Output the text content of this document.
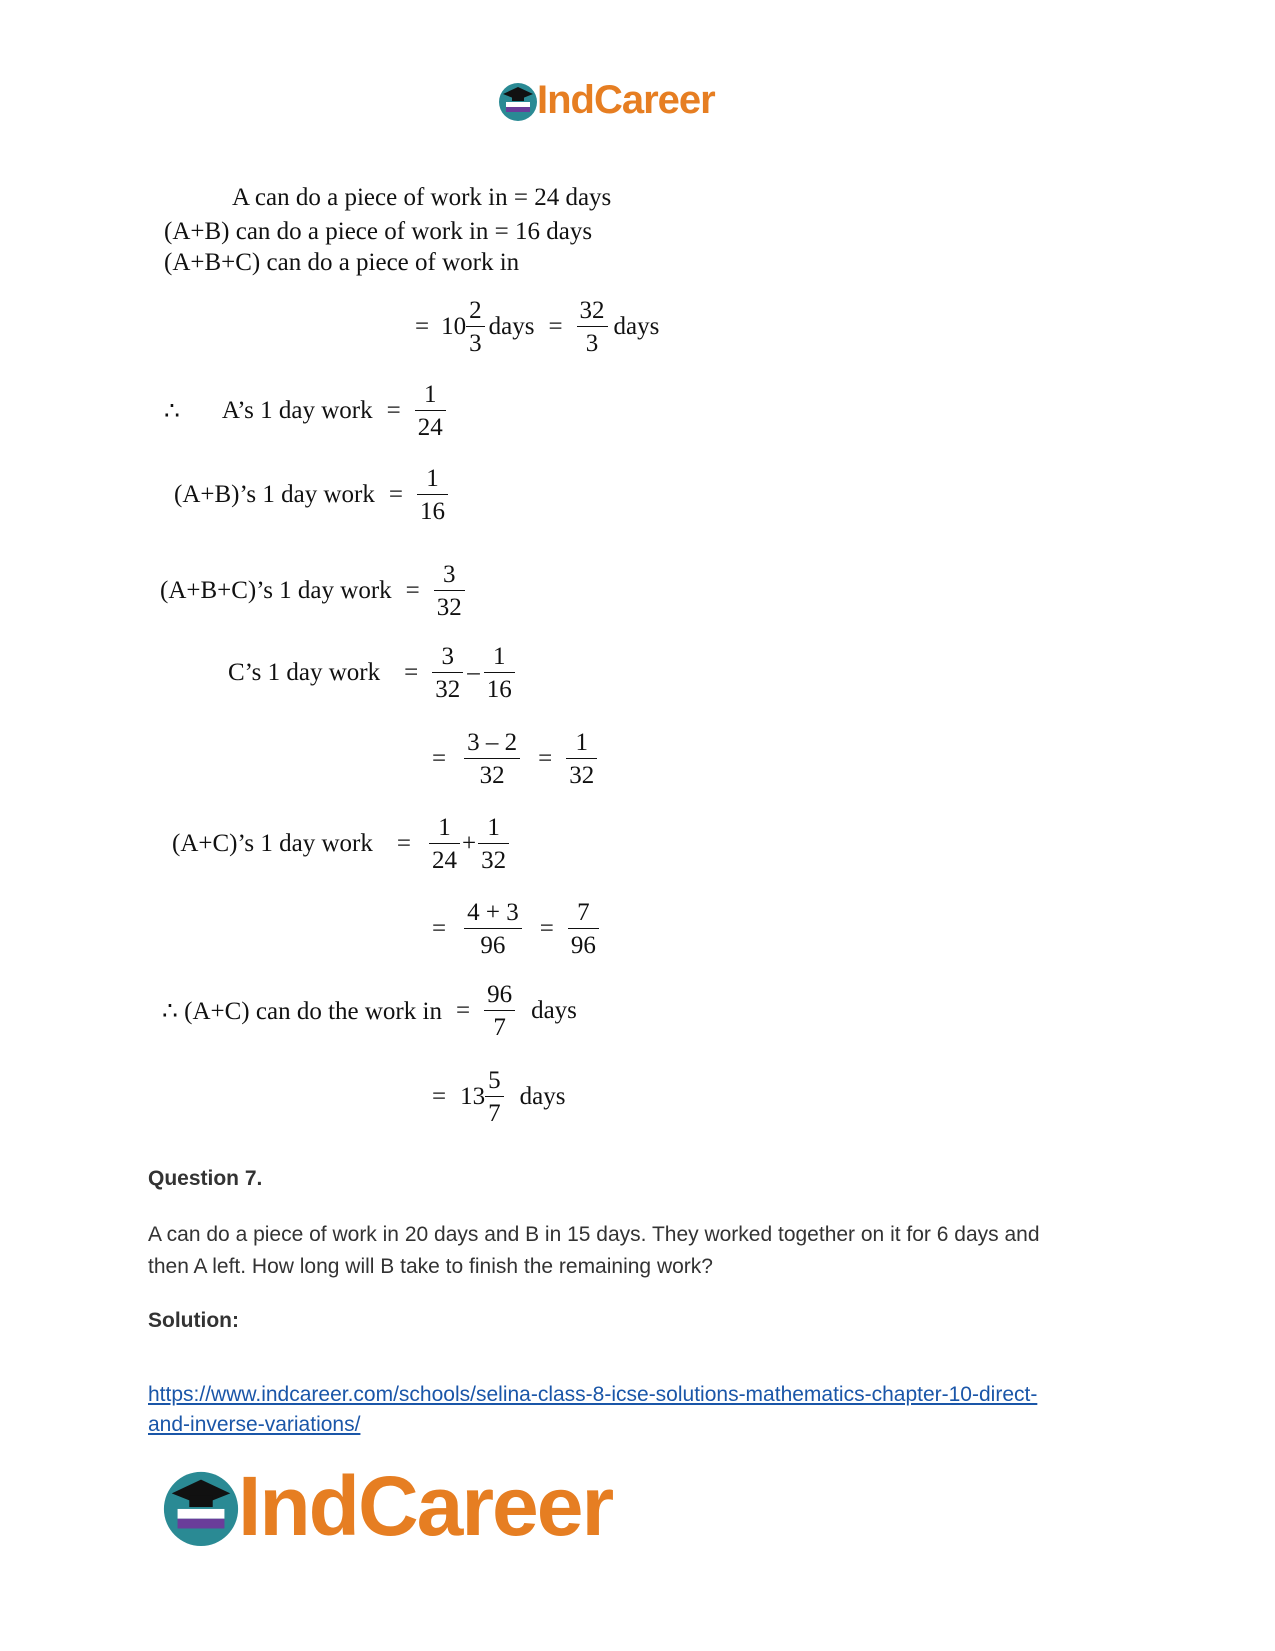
IndCareer
A can do a piece of work in = 24 days
(A+B) can do a piece of work in = 16 days
(A+B+C) can do a piece of work in
= $10 \frac{2}{3}$ days = $\frac{32}{3}$ days
∴ A’s 1 day work = $\frac{1}{24}$
(A+B)’s 1 day work = $\frac{1}{16}$
(A+B+C)’s 1 day work = $\frac{3}{32}$
C’s 1 day work = $\frac{3}{32} - \frac{1}{16}$
= $\frac{3 - 2}{32} = \frac{1}{32}$
(A+C)’s 1 day work = $\frac{1}{24} + \frac{1}{32}$
= $\frac{4 + 3}{96} = \frac{7}{96}$
∴ (A+C) can do the work in = $\frac{96}{7}$ days
= $13 \frac{5}{7}$ days
Question 7.
A can do a piece of work in 20 days and B in 15 days. They worked together on it for 6 days and
then A left. How long will B take to finish the remaining work?
Solution:
https://www.indcareer.com/schools/selina-class-8-icse-solutions-mathematics-chapter-10-direct-
and-inverse-variations/
IndCareer
